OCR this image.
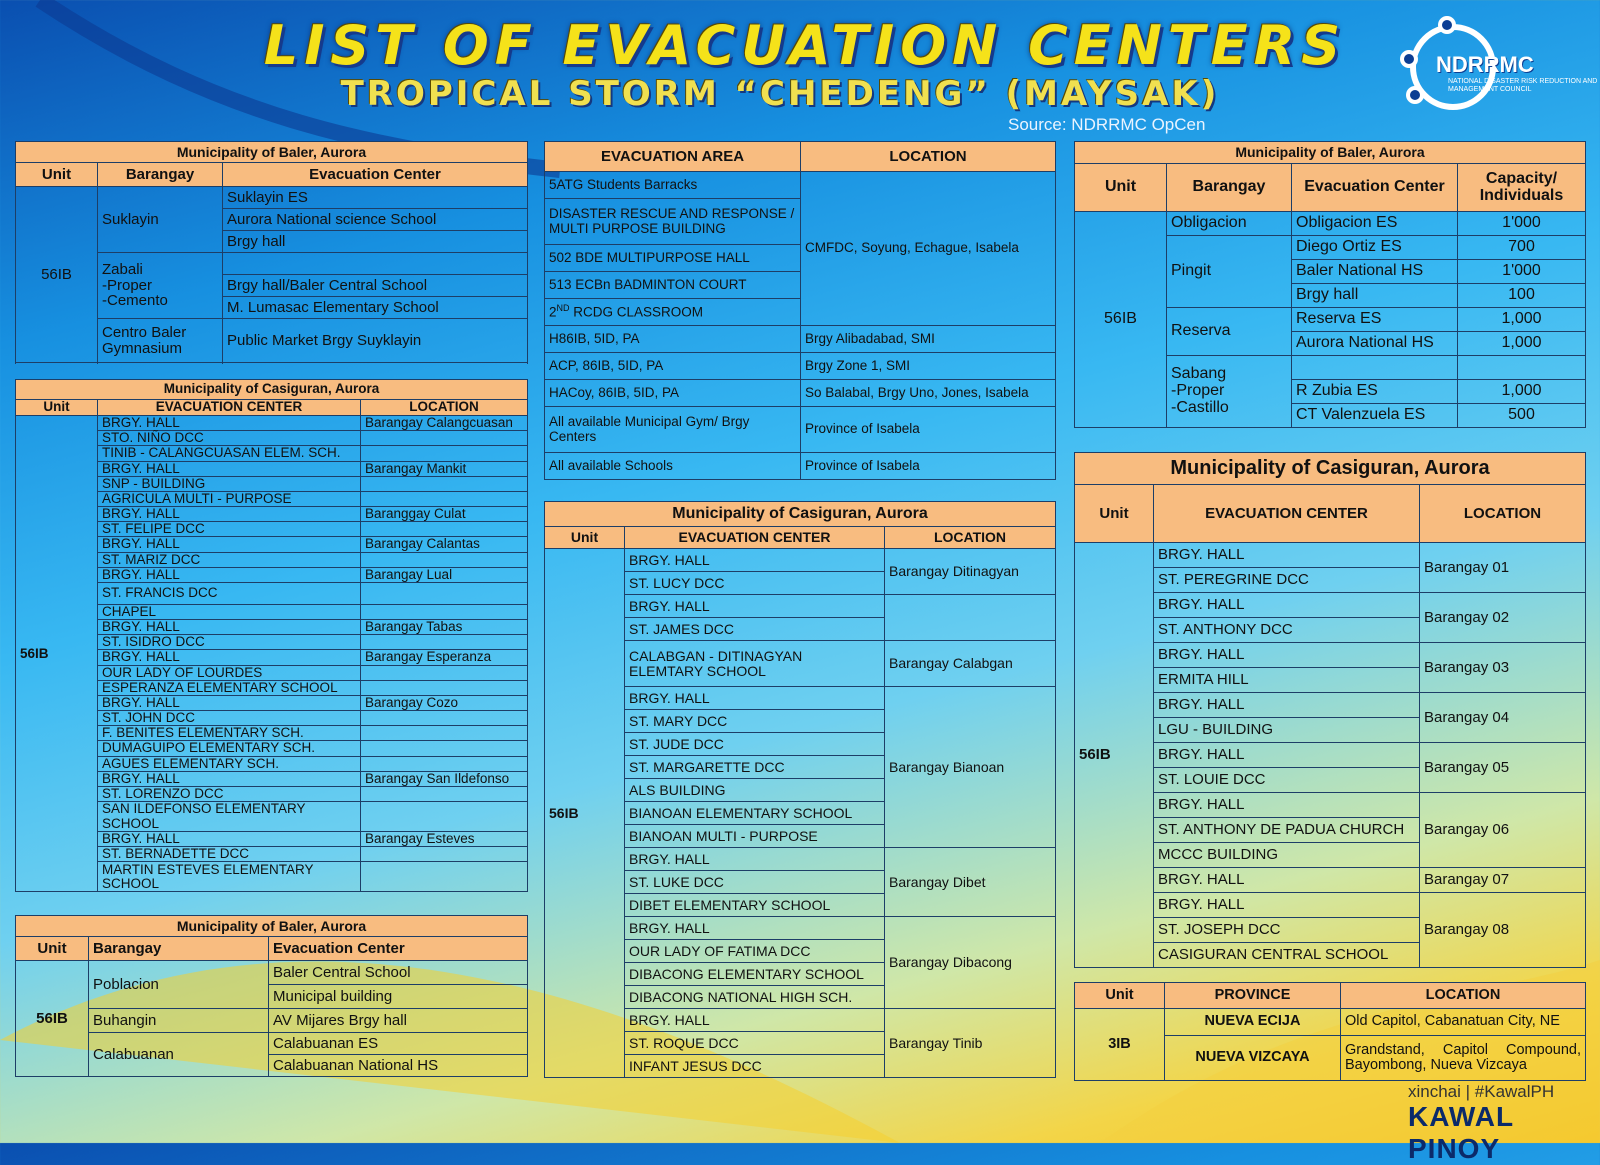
LIST OF EVACUATION CENTERS
TROPICAL STORM “CHEDENG” (MAYSAK)
Source: NDRRMC OpCen
NDRRMC
NATIONAL DISASTER RISK REDUCTION AND MANAGEMENT COUNCIL
Municipality of Baler, Aurora		
Unit	Barangay	Evacuation Center
56IB	Suklayin	Suklayin ES
		Aurora National science School
		Brgy hall
	Zabali
-Proper
-Cemento	
		Brgy hall/Baler Central School
		M. Lumasac Elementary School
	Centro Baler
Gymnasium	Public Market Brgy Suyklayin

Municipality of Casiguran, Aurora		
Unit	EVACUATION CENTER	LOCATION
56IB	BRGY. HALL	Barangay Calangcuasan
	STO. NIÑO DCC	
	TINIB - CALANGCUASAN ELEM. SCH.	
	BRGY. HALL	Barangay Mankit
	SNP - BUILDING	
	AGRICULA MULTI - PURPOSE	
	BRGY. HALL	Baranggay Culat
	ST. FELIPE DCC	
	BRGY. HALL	Barangay Calantas
	ST. MARIZ DCC	
	BRGY. HALL	Barangay Lual
	ST. FRANCIS DCC	
	CHAPEL	
	BRGY. HALL	Barangay Tabas
	ST. ISIDRO DCC	
	BRGY. HALL	Barangay Esperanza
	OUR LADY OF LOURDES	
	ESPERANZA ELEMENTARY SCHOOL	
	BRGY. HALL	Barangay Cozo
	ST. JOHN DCC	
	F. BENITES ELEMENTARY SCH.	
	DUMAGUIPO ELEMENTARY SCH.	
	AGUES ELEMENTARY SCH.	
	BRGY. HALL	Barangay San Ildefonso
	ST. LORENZO DCC	
	SAN ILDEFONSO ELEMENTARY SCHOOL	
	BRGY. HALL	Barangay Esteves
	ST. BERNADETTE DCC	
	MARTIN ESTEVES ELEMENTARY SCHOOL	
Municipality of Baler, Aurora		
Unit	Barangay	Evacuation Center
56IB	Poblacion	Baler Central School
		Municipal building
	Buhangin	AV Mijares Brgy hall
	Calabuanan	Calabuanan ES
		Calabuanan National HS
EVACUATION AREA	LOCATION
5ATG Students Barracks	CMFDC, Soyung, Echague, Isabela
DISASTER RESCUE AND RESPONSE / MULTI PURPOSE BUILDING	
502 BDE MULTIPURPOSE HALL	
513 ECBn BADMINTON COURT	
2ND RCDG CLASSROOM	
H86IB, 5ID, PA	Brgy Alibadabad, SMI
ACP, 86IB, 5ID, PA	Brgy Zone 1, SMI
HACoy, 86IB, 5ID, PA	So Balabal, Brgy Uno, Jones, Isabela
All available Municipal Gym/ Brgy Centers	Province of Isabela
All available Schools	Province of Isabela
Municipality of Casiguran, Aurora		
Unit	EVACUATION CENTER	LOCATION
56IB	BRGY. HALL	Barangay Ditinagyan
	ST. LUCY DCC	
	BRGY. HALL	
	ST. JAMES DCC	
	CALABGAN - DITINAGYAN ELEMTARY SCHOOL	Barangay Calabgan
	BRGY. HALL	Barangay Bianoan
	ST. MARY DCC	
	ST. JUDE DCC	
	ST. MARGARETTE DCC	
	ALS BUILDING	
	BIANOAN ELEMENTARY SCHOOL	
	BIANOAN MULTI - PURPOSE	
	BRGY. HALL	Barangay Dibet
	ST. LUKE DCC	
	DIBET ELEMENTARY SCHOOL	
	BRGY. HALL	Barangay Dibacong
	OUR LADY OF FATIMA DCC	
	DIBACONG ELEMENTARY SCHOOL	
	DIBACONG NATIONAL HIGH SCH.	
	BRGY. HALL	Barangay Tinib
	ST. ROQUE DCC	
	INFANT JESUS DCC	
Municipality of Baler, Aurora			
Unit	Barangay	Evacuation Center	Capacity/ Individuals
56IB	Obligacion	Obligacion ES	1'000
	Pingit	Diego Ortiz ES	700
		Baler National HS	1'000
		Brgy hall	100
	Reserva	Reserva ES	1,000
		Aurora National HS	1,000
	Sabang
-Proper
-Castillo		
		R Zubia ES	1,000
		CT Valenzuela ES	500
Municipality of Casiguran, Aurora		
Unit	EVACUATION CENTER	LOCATION
56IB	BRGY. HALL	Barangay 01
	ST. PEREGRINE DCC	
	BRGY. HALL	Barangay 02
	ST. ANTHONY DCC	
	BRGY. HALL	Barangay 03
	ERMITA HILL	
	BRGY. HALL	Barangay 04
	LGU - BUILDING	
	BRGY. HALL	Barangay 05
	ST. LOUIE DCC	
	BRGY. HALL	Barangay 06
	ST. ANTHONY DE PADUA CHURCH	
	MCCC BUILDING	
	BRGY. HALL	Barangay 07
	BRGY. HALL	Barangay 08
	ST. JOSEPH DCC	
	CASIGURAN CENTRAL SCHOOL	
Unit	PROVINCE	LOCATION
3IB	NUEVA ECIJA	Old Capitol, Cabanatuan City, NE
	NUEVA VIZCAYA	Grandstand, Capitol Compound, Bayombong, Nueva Vizcaya
xinchai | #KawalPH
KAWAL PINOY
